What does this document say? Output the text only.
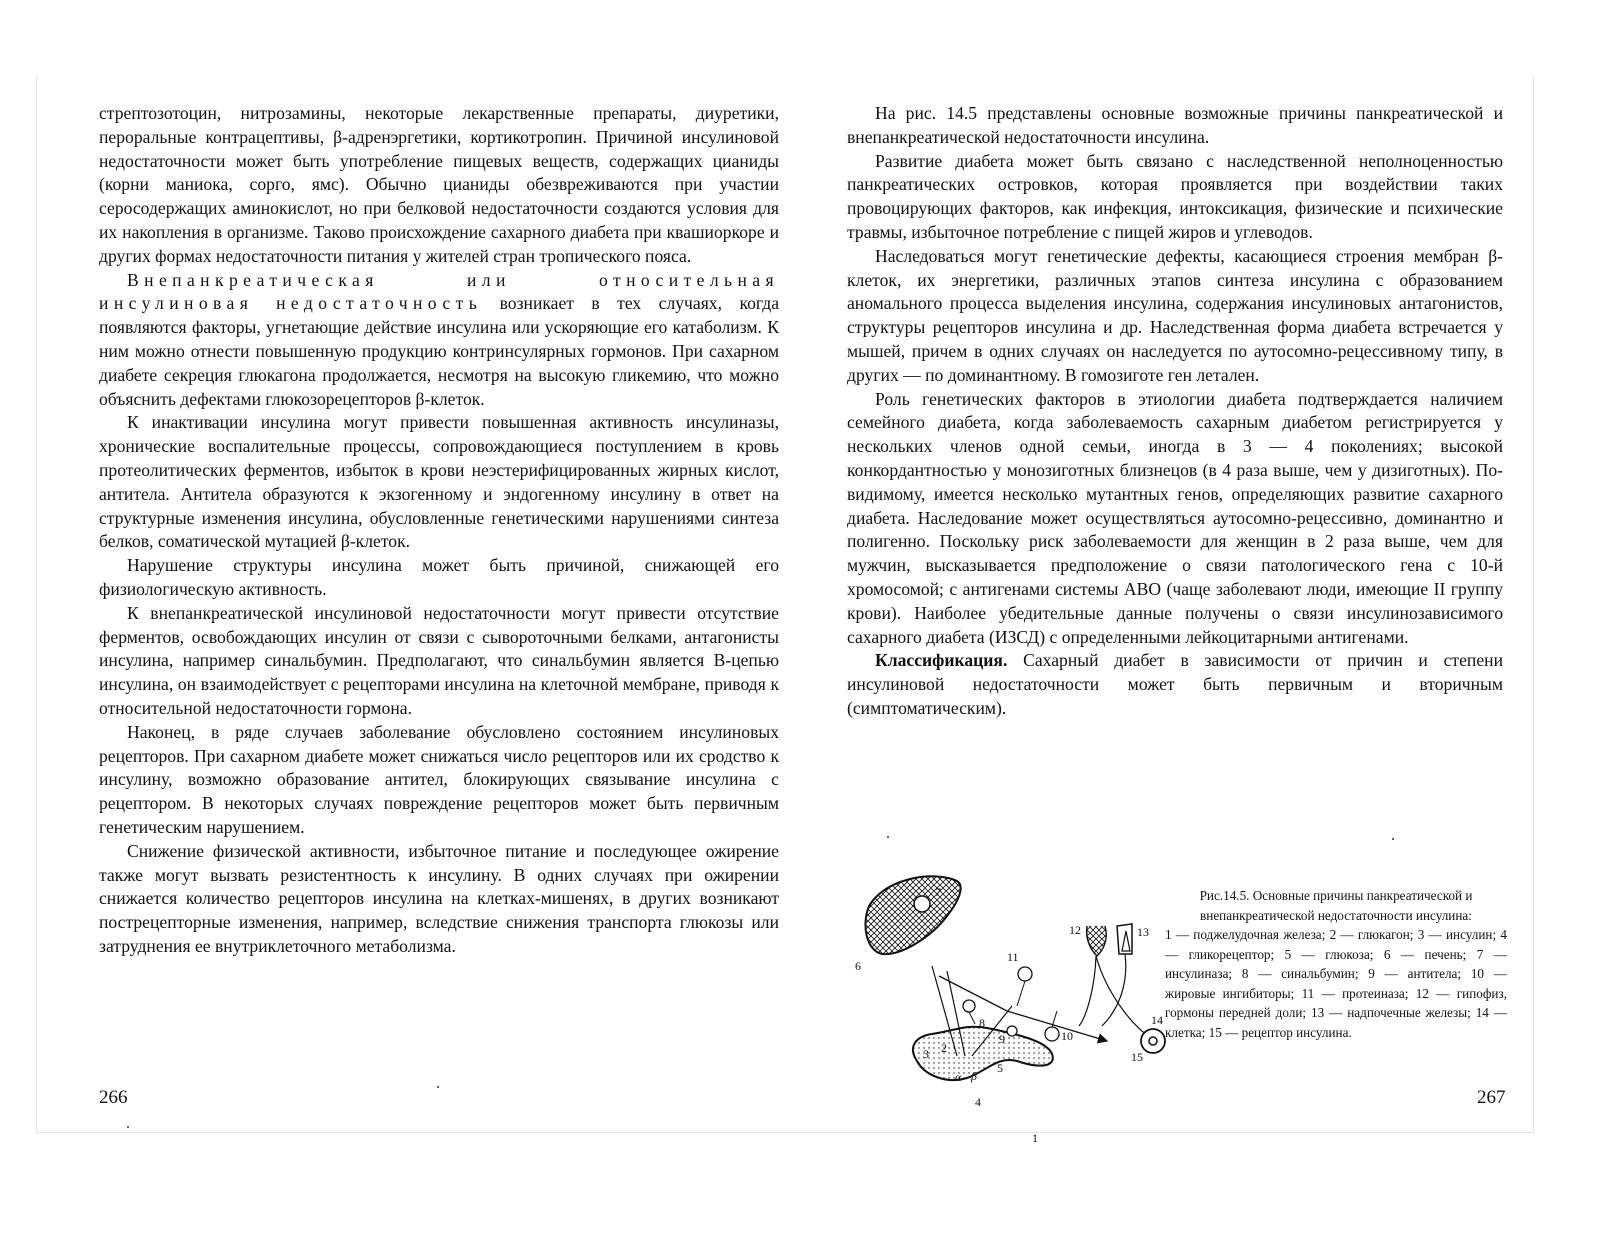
стрептозотоцин, нитрозамины, некоторые лекарственные препараты, диуретики, пероральные контрацептивы, β-адренэргетики, кортикотропин. Причиной инсулиновой недостаточности может быть употребление пищевых веществ, содержащих цианиды (корни маниока, сорго, ямс). Обычно цианиды обезвреживаются при участии серосодержащих аминокислот, но при белковой недостаточности создаются условия для их накопления в организме. Таково происхождение сахарного диабета при квашиоркоре и других формах недостаточности питания у жителей стран тропического пояса.

Внепанкреатическая или относительная инсулиновая недостаточность возникает в тех случаях, когда появляются факторы, угнетающие действие инсулина или ускоряющие его катаболизм. К ним можно отнести повышенную продукцию контринсулярных гормонов. При сахарном диабете секреция глюкагона продолжается, несмотря на высокую гликемию, что можно объяснить дефектами глюкозорецепторов β-клеток.

К инактивации инсулина могут привести повышенная активность инсулиназы, хронические воспалительные процессы, сопровождающиеся поступлением в кровь протеолитических ферментов, избыток в крови неэстерифицированных жирных кислот, антитела. Антитела образуются к экзогенному и эндогенному инсулину в ответ на структурные изменения инсулина, обусловленные генетическими нарушениями синтеза белков, соматической мутацией β-клеток.

Нарушение структуры инсулина может быть причиной, снижающей его физиологическую активность.

К внепанкреатической инсулиновой недостаточности могут привести отсутствие ферментов, освобождающих инсулин от связи с сывороточными белками, антагонисты инсулина, например синальбумин. Предполагают, что синальбумин является В-цепью инсулина, он взаимодействует с рецепторами инсулина на клеточной мембране, приводя к относительной недостаточности гормона.

Наконец, в ряде случаев заболевание обусловлено состоянием инсулиновых рецепторов. При сахарном диабете может снижаться число рецепторов или их сродство к инсулину, возможно образование антител, блокирующих связывание инсулина с рецептором. В некоторых случаях повреждение рецепторов может быть первичным генетическим нарушением.

Снижение физической активности, избыточное питание и последующее ожирение также могут вызвать резистентность к инсулину. В одних случаях при ожирении снижается количество рецепторов инсулина на клетках-мишенях, в других возникают пострецепторные изменения, например, вследствие снижения транспорта глюкозы или затруднения ее внутриклеточного метаболизма.

266

На рис. 14.5 представлены основные возможные причины панкреатической и внепанкреатической недостаточности инсулина.

Развитие диабета может быть связано с наследственной неполноценностью панкреатических островков, которая проявляется при воздействии таких провоцирующих факторов, как инфекция, интоксикация, физические и психические травмы, избыточное потребление с пищей жиров и углеводов.

Наследоваться могут генетические дефекты, касающиеся строения мембран β-клеток, их энергетики, различных этапов синтеза инсулина с образованием аномального процесса выделения инсулина, содержания инсулиновых антагонистов, структуры рецепторов инсулина и др. Наследственная форма диабета встречается у мышей, причем в одних случаях он наследуется по аутосомно-рецессивному типу, в других — по доминантному. В гомозиготе ген летален.

Роль генетических факторов в этиологии диабета подтверждается наличием семейного диабета, когда заболеваемость сахарным диабетом регистрируется у нескольких членов одной семьи, иногда в 3 — 4 поколениях; высокой конкордантностью у монозиготных близнецов (в 4 раза выше, чем у дизиготных). По-видимому, имеется несколько мутантных генов, определяющих развитие сахарного диабета. Наследование может осуществляться аутосомно-рецессивно, доминантно и полигенно. Поскольку риск заболеваемости для женщин в 2 раза выше, чем для мужчин, высказывается предположение о связи патологического гена с 10-й хромосомой; с антигенами системы АВО (чаще заболевают люди, имеющие II группу крови). Наиболее убедительные данные получены о связи инсулинозависимого сахарного диабета (ИЗСД) с определенными лейкоцитарными антигенами.

Классификация. Сахарный диабет в зависимости от причин и степени инсулиновой недостаточности может быть первичным и вторичным (симптоматическим).

7
6
3 2
5
4
1
8
9	10
11
12	13
14
15
α β
Рис.14.5. Основные причины панкреатической и внепанкреатической недостаточности инсулина:
1 — поджелудочная железа; 2 — глюкагон; 3 — инсулин; 4 — гликорецептор; 5 — глюкоза; 6 — печень; 7 — инсулиназа; 8 — синальбумин; 9 — антитела; 10 — жировые ингибиторы; 11 — протеиназа; 12 — гипофиз, гормоны передней доли; 13 — надпочечные железы; 14 — клетка; 15 — рецептор инсулина.
267
